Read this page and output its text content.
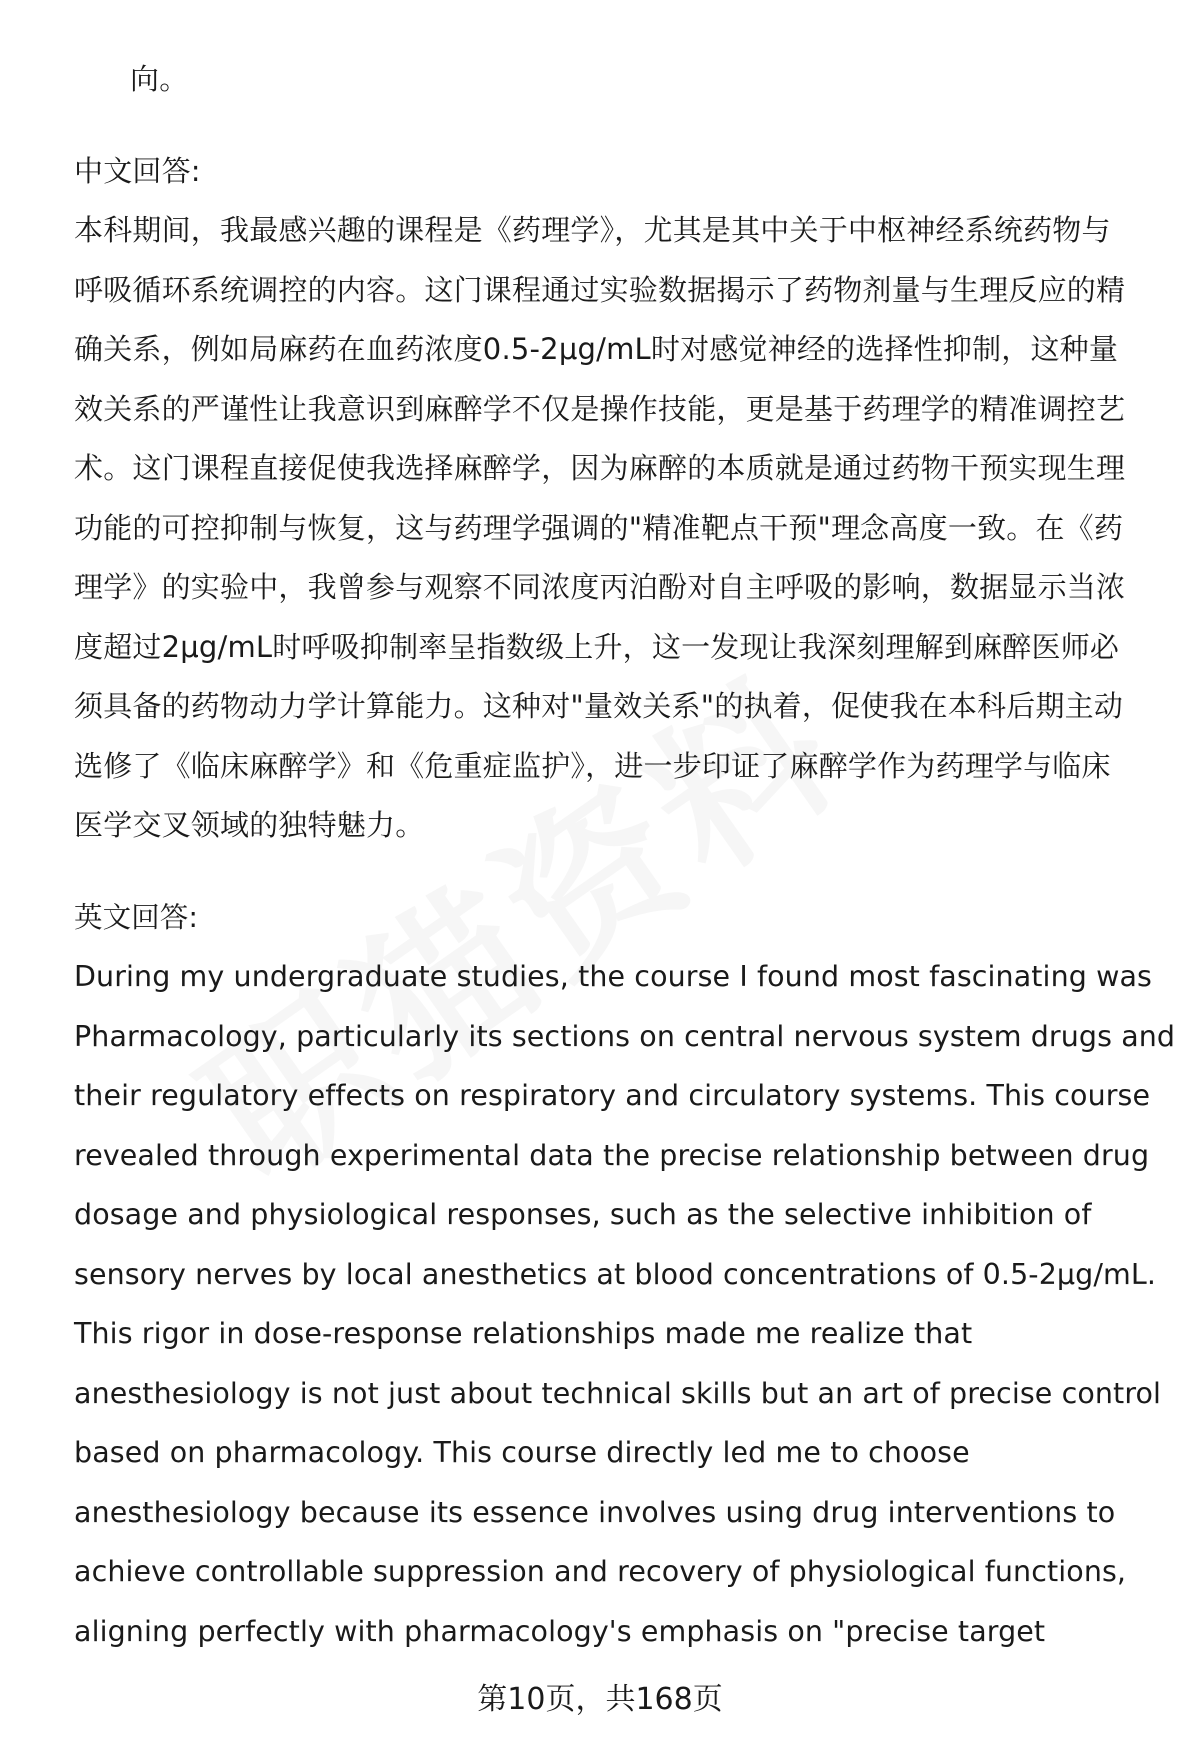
向。
中文回答:
本科期间，我最感兴趣的课程是《药理学》，尤其是其中关于中枢神经系统药物与
呼吸循环系统调控的内容。这门课程通过实验数据揭示了药物剂量与生理反应的精
确关系，例如局麻药在血药浓度0.5-2μg/mL时对感觉神经的选择性抑制，这种量
效关系的严谨性让我意识到麻醉学不仅是操作技能，更是基于药理学的精准调控艺
术。这门课程直接促使我选择麻醉学，因为麻醉的本质就是通过药物干预实现生理
功能的可控抑制与恢复，这与药理学强调的"精准靶点干预"理念高度一致。在《药
理学》的实验中，我曾参与观察不同浓度丙泊酚对自主呼吸的影响，数据显示当浓
度超过2μg/mL时呼吸抑制率呈指数级上升，这一发现让我深刻理解到麻醉医师必
须具备的药物动力学计算能力。这种对"量效关系"的执着，促使我在本科后期主动
选修了《临床麻醉学》和《危重症监护》，进一步印证了麻醉学作为药理学与临床
医学交叉领域的独特魅力。
英文回答:
During my undergraduate studies, the course I found most fascinating was
Pharmacology, particularly its sections on central nervous system drugs and
their regulatory effects on respiratory and circulatory systems. This course
revealed through experimental data the precise relationship between drug
dosage and physiological responses, such as the selective inhibition of
sensory nerves by local anesthetics at blood concentrations of 0.5-2μg/mL.
This rigor in dose-response relationships made me realize that
anesthesiology is not just about technical skills but an art of precise control
based on pharmacology. This course directly led me to choose
anesthesiology because its essence involves using drug interventions to
achieve controllable suppression and recovery of physiological functions,
aligning perfectly with pharmacology's emphasis on "precise target
第10页，共168页
